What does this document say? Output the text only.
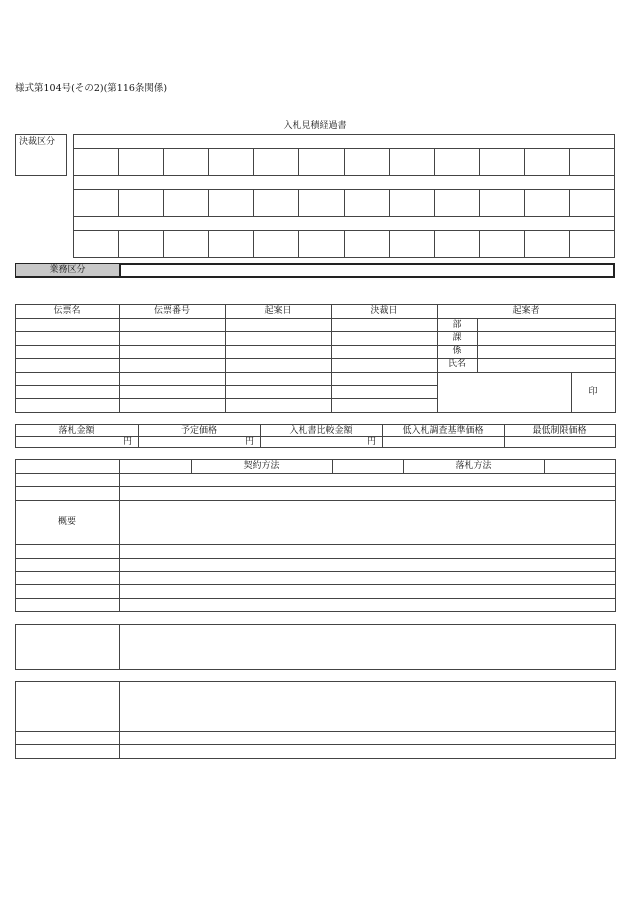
様式第104号(その2)(第116条関係)
入札見積経過書
決裁区分
業務区分
伝票名	伝票番号	起案日	決裁日	起案者
部
課
係
氏名
印
落札金額	予定価格	入札書比較金額	低入札調査基準価格	最低制限価格
円	円	円
契約方法	落札方法
概要
